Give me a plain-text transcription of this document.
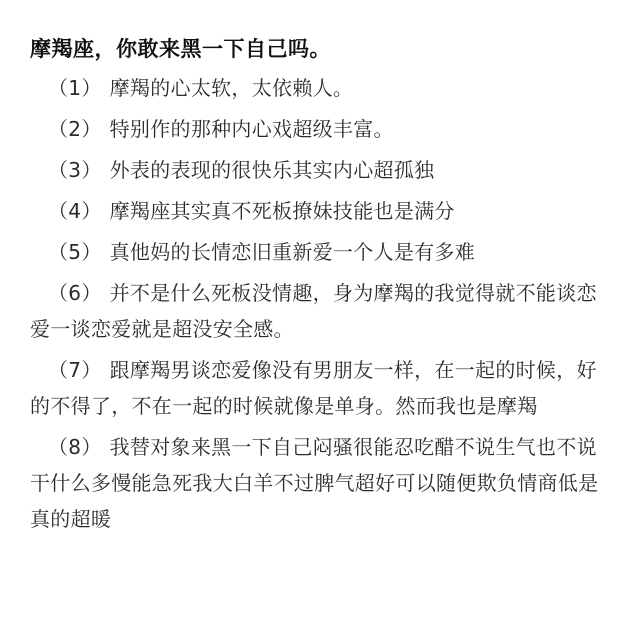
摩羯座，你敢来黑一下自己吗。

（1） 摩羯的心太软，太依赖人。

（2） 特别作的那种内心戏超级丰富。

（3） 外表的表现的很快乐其实内心超孤独

（4） 摩羯座其实真不死板撩妹技能也是满分

（5） 真他妈的长情恋旧重新爱一个人是有多难

（6） 并不是什么死板没情趣，身为摩羯的我觉得就不能谈恋爱一谈恋爱就是超没安全感。

（7） 跟摩羯男谈恋爱像没有男朋友一样，在一起的时候，好的不得了，不在一起的时候就像是单身。然而我也是摩羯

（8） 我替对象来黑一下自己闷骚很能忍吃醋不说生气也不说干什么多慢能急死我大白羊不过脾气超好可以随便欺负情商低是真的超暖
